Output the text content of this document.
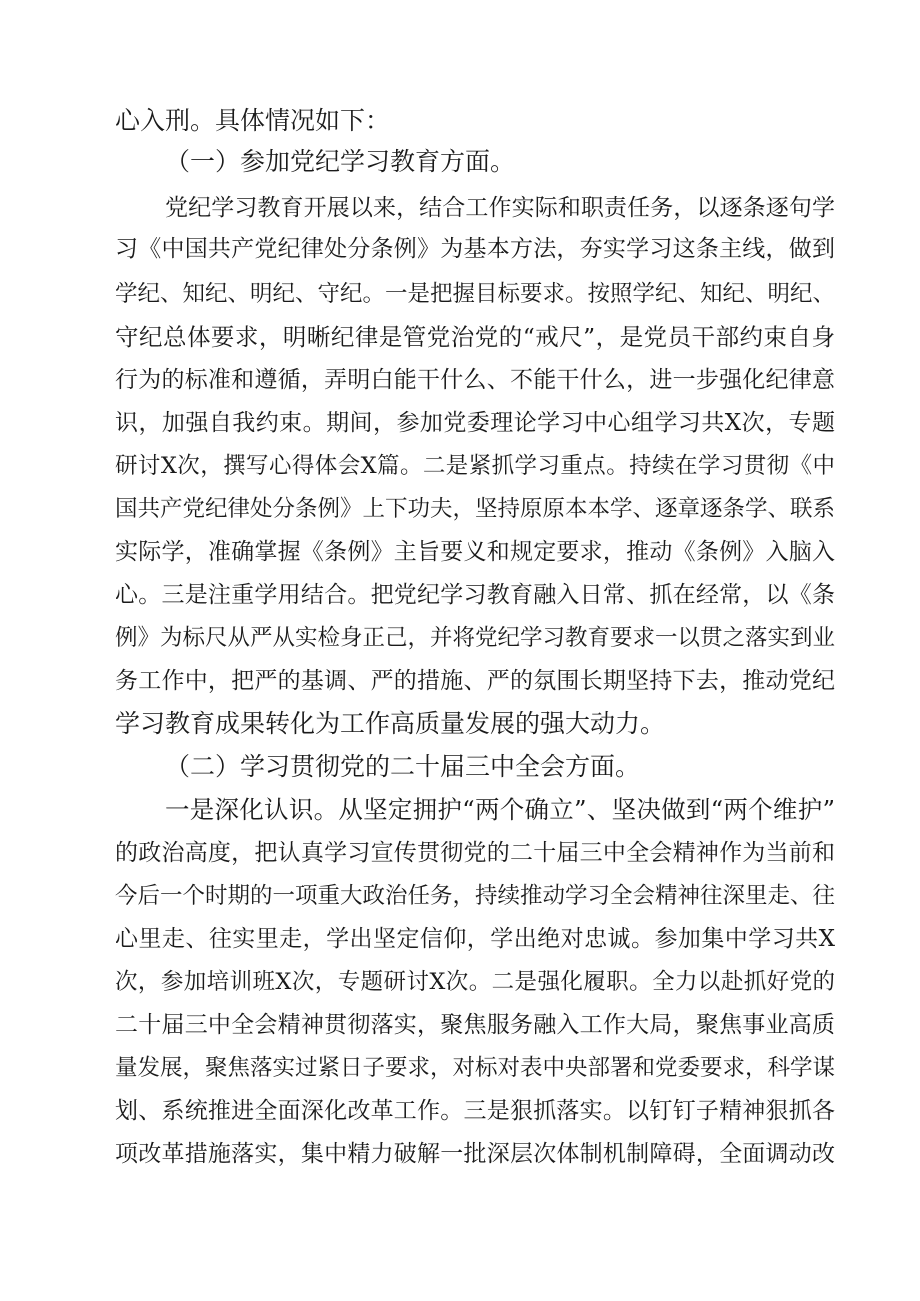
心入刑。具体情况如下：
（一）参加党纪学习教育方面。
党纪学习教育开展以来，结合工作实际和职责任务，以逐条逐句学
习《中国共产党纪律处分条例》为基本方法，夯实学习这条主线，做到
学纪、知纪、明纪、守纪。一是把握目标要求。按照学纪、知纪、明纪、
守纪总体要求，明晰纪律是管党治党的“戒尺”，是党员干部约束自身
行为的标准和遵循，弄明白能干什么、不能干什么，进一步强化纪律意
识，加强自我约束。期间，参加党委理论学习中心组学习共X次，专题
研讨X次，撰写心得体会X篇。二是紧抓学习重点。持续在学习贯彻《中
国共产党纪律处分条例》上下功夫，坚持原原本本学、逐章逐条学、联系
实际学，准确掌握《条例》主旨要义和规定要求，推动《条例》入脑入
心。三是注重学用结合。把党纪学习教育融入日常、抓在经常，以《条
例》为标尺从严从实检身正己，并将党纪学习教育要求一以贯之落实到业
务工作中，把严的基调、严的措施、严的氛围长期坚持下去，推动党纪
学习教育成果转化为工作高质量发展的强大动力。
（二）学习贯彻党的二十届三中全会方面。
一是深化认识。从坚定拥护“两个确立”、坚决做到“两个维护”
的政治高度，把认真学习宣传贯彻党的二十届三中全会精神作为当前和
今后一个时期的一项重大政治任务，持续推动学习全会精神往深里走、往
心里走、往实里走，学出坚定信仰，学出绝对忠诚。参加集中学习共X
次，参加培训班X次，专题研讨X次。二是强化履职。全力以赴抓好党的
二十届三中全会精神贯彻落实，聚焦服务融入工作大局，聚焦事业高质
量发展，聚焦落实过紧日子要求，对标对表中央部署和党委要求，科学谋
划、系统推进全面深化改革工作。三是狠抓落实。以钉钉子精神狠抓各
项改革措施落实，集中精力破解一批深层次体制机制障碍，全面调动改
